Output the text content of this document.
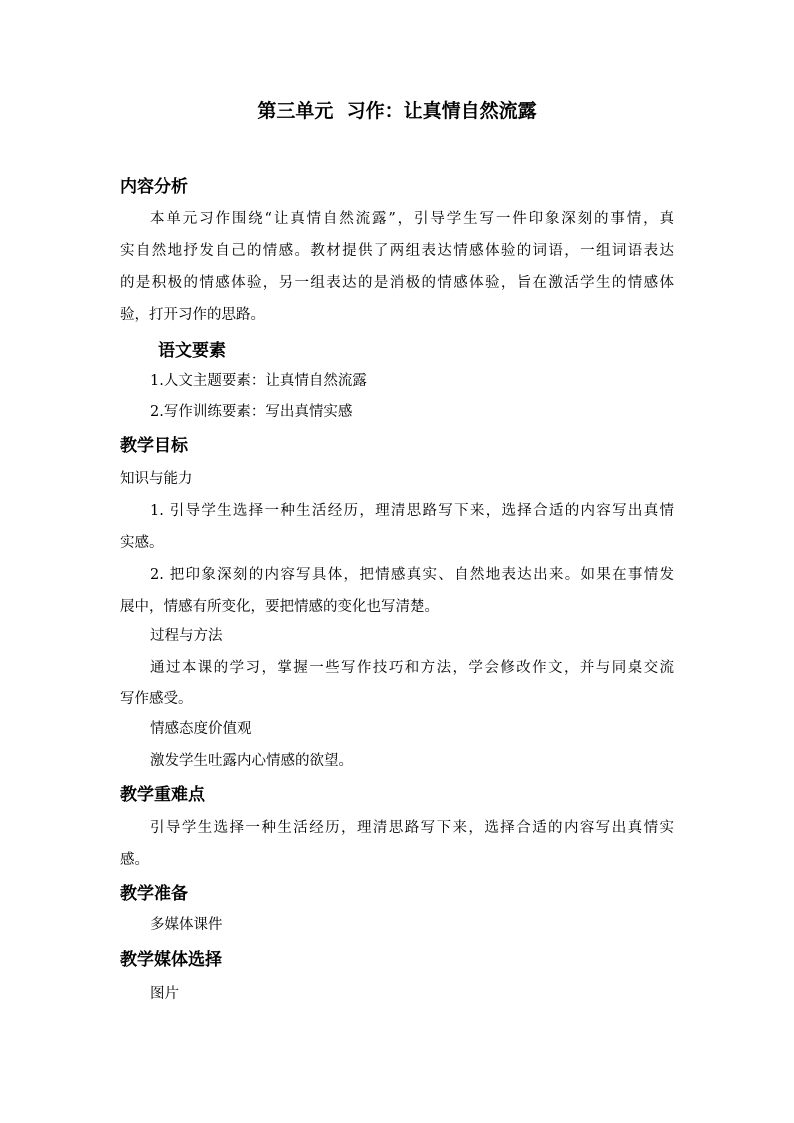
第三单元  习作：让真情自然流露
内容分析
本单元习作围绕“让真情自然流露”，引导学生写一件印象深刻的事情，真
实自然地抒发自己的情感。教材提供了两组表达情感体验的词语，一组词语表达
的是积极的情感体验，另一组表达的是消极的情感体验，旨在激活学生的情感体
验，打开习作的思路。
语文要素
1.人文主题要素：让真情自然流露
2.写作训练要素：写出真情实感
教学目标
知识与能力
1. 引导学生选择一种生活经历，理清思路写下来，选择合适的内容写出真情
实感。
2. 把印象深刻的内容写具体，把情感真实、自然地表达出来。如果在事情发
展中，情感有所变化，要把情感的变化也写清楚。
过程与方法
通过本课的学习，掌握一些写作技巧和方法，学会修改作文，并与同桌交流
写作感受。
情感态度价值观
激发学生吐露内心情感的欲望。
教学重难点
引导学生选择一种生活经历，理清思路写下来，选择合适的内容写出真情实
感。
教学准备
多媒体课件
教学媒体选择
图片
